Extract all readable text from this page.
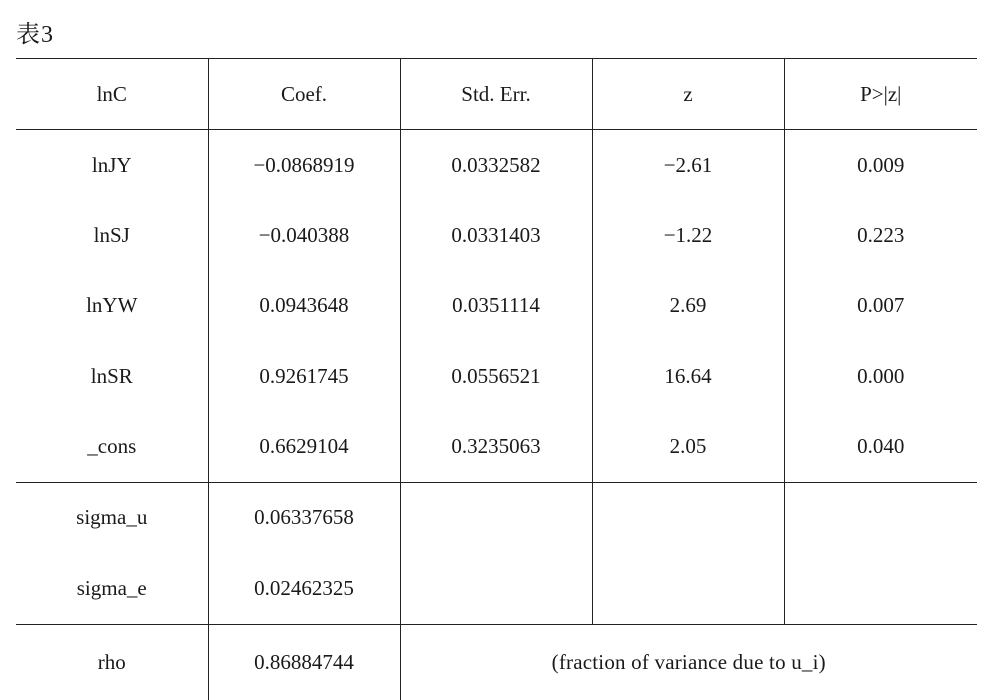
表3
lnC	Coef.	Std. Err.	z	P>|z|
lnJY	−0.0868919	0.0332582	−2.61	0.009
lnSJ	−0.040388	0.0331403	−1.22	0.223
lnYW	0.0943648	0.0351114	2.69	0.007
lnSR	0.9261745	0.0556521	16.64	0.000
_cons	0.6629104	0.3235063	2.05	0.040
sigma_u	0.06337658			
sigma_e	0.02462325			
rho	0.86884744	(fraction of variance due to u_i)		
